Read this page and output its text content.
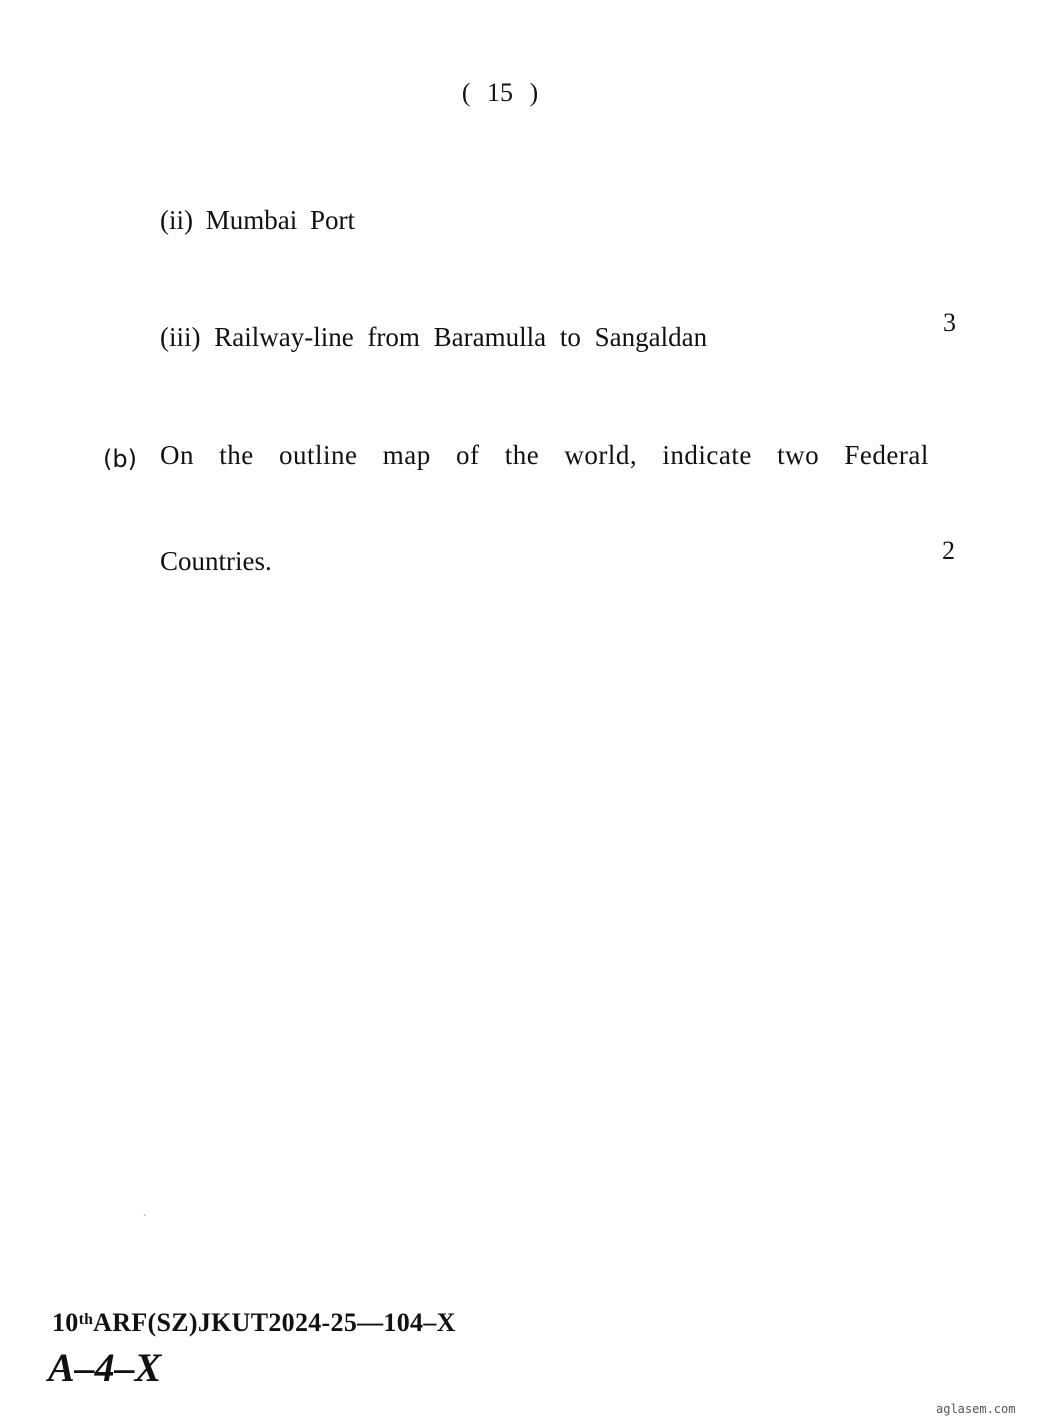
( 15 )
(ii) Mumbai Port
(iii) Railway-line from Baramulla to Sangaldan	3
(b) On the outline map of the world, indicate two Federal
Countries.	2
`
10ᵗʰARF(SZ)JKUT2024-25—104–X
A–4–X
aglasem.com
